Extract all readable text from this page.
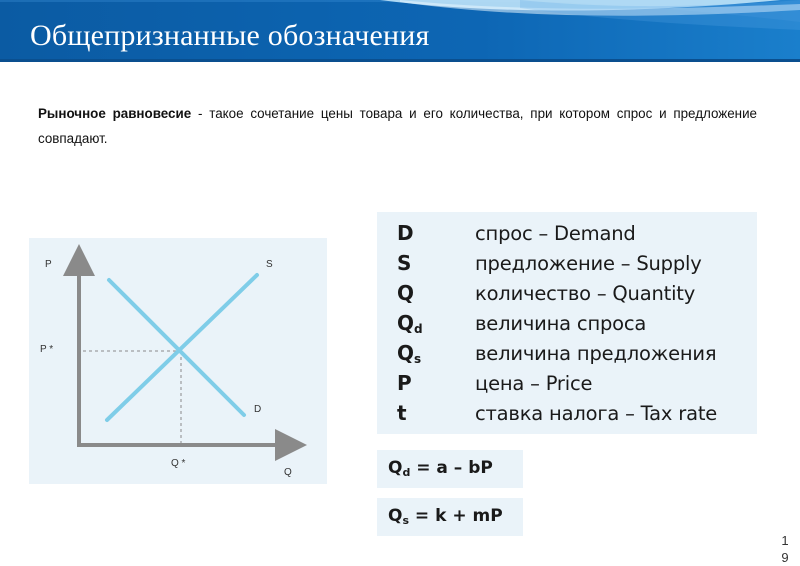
Общепризнанные обозначения
Рыночное равновесие - такое сочетание цены товара и его количества, при котором спрос и предложение совпадают.
P	S
P *
D
Q *
Q
D	спрос – Demand
S	предложение – Supply
Q	количество – Quantity
$Q_d$	величина спроса
$Q_s$	величина предложения
P	цена – Price
t	ставка налога – Tax rate
$Q_d = a$ – bP
$Q_s = k$ + mP
19
